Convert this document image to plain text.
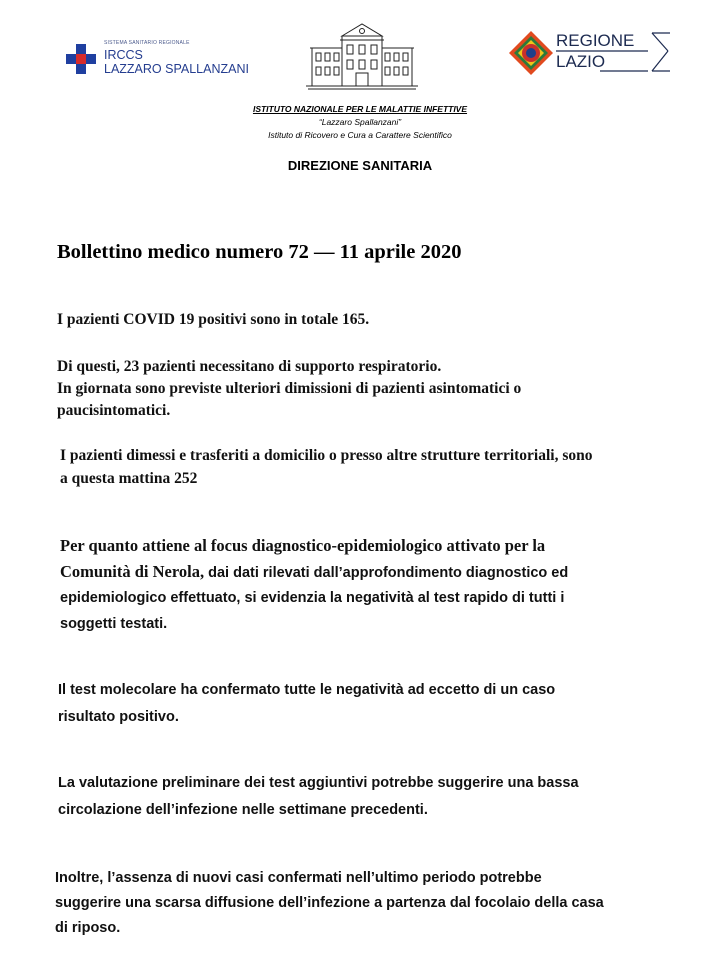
SISTEMA SANITARIO REGIONALE
IRCCS
LAZZARO SPALLANZANI
REGIONE
LAZIO
ISTITUTO NAZIONALE PER LE MALATTIE INFETTIVE
“Lazzaro Spallanzani”
Istituto di Ricovero e Cura a Carattere Scientifico
DIREZIONE SANITARIA
Bollettino medico numero 72 — 11 aprile 2020
I pazienti COVID 19 positivi sono in totale 165.
Di questi, 23 pazienti necessitano di supporto respiratorio.
In giornata sono previste ulteriori dimissioni di pazienti asintomatici o
paucisintomatici.
I pazienti dimessi e trasferiti a domicilio o presso altre strutture territoriali, sono
a questa mattina 252
Per quanto attiene al focus diagnostico-epidemiologico attivato per la
Comunità di Nerola, dai dati rilevati dall’approfondimento diagnostico ed
epidemiologico effettuato, si evidenzia la negatività al test rapido di tutti i
soggetti testati.
Il test molecolare ha confermato tutte le negatività ad eccetto di un caso
risultato positivo.
La valutazione preliminare dei test aggiuntivi potrebbe suggerire una bassa
circolazione dell’infezione nelle settimane precedenti.
Inoltre, l’assenza di nuovi casi confermati nell’ultimo periodo potrebbe
suggerire una scarsa diffusione dell’infezione a partenza dal focolaio della casa
di riposo.
